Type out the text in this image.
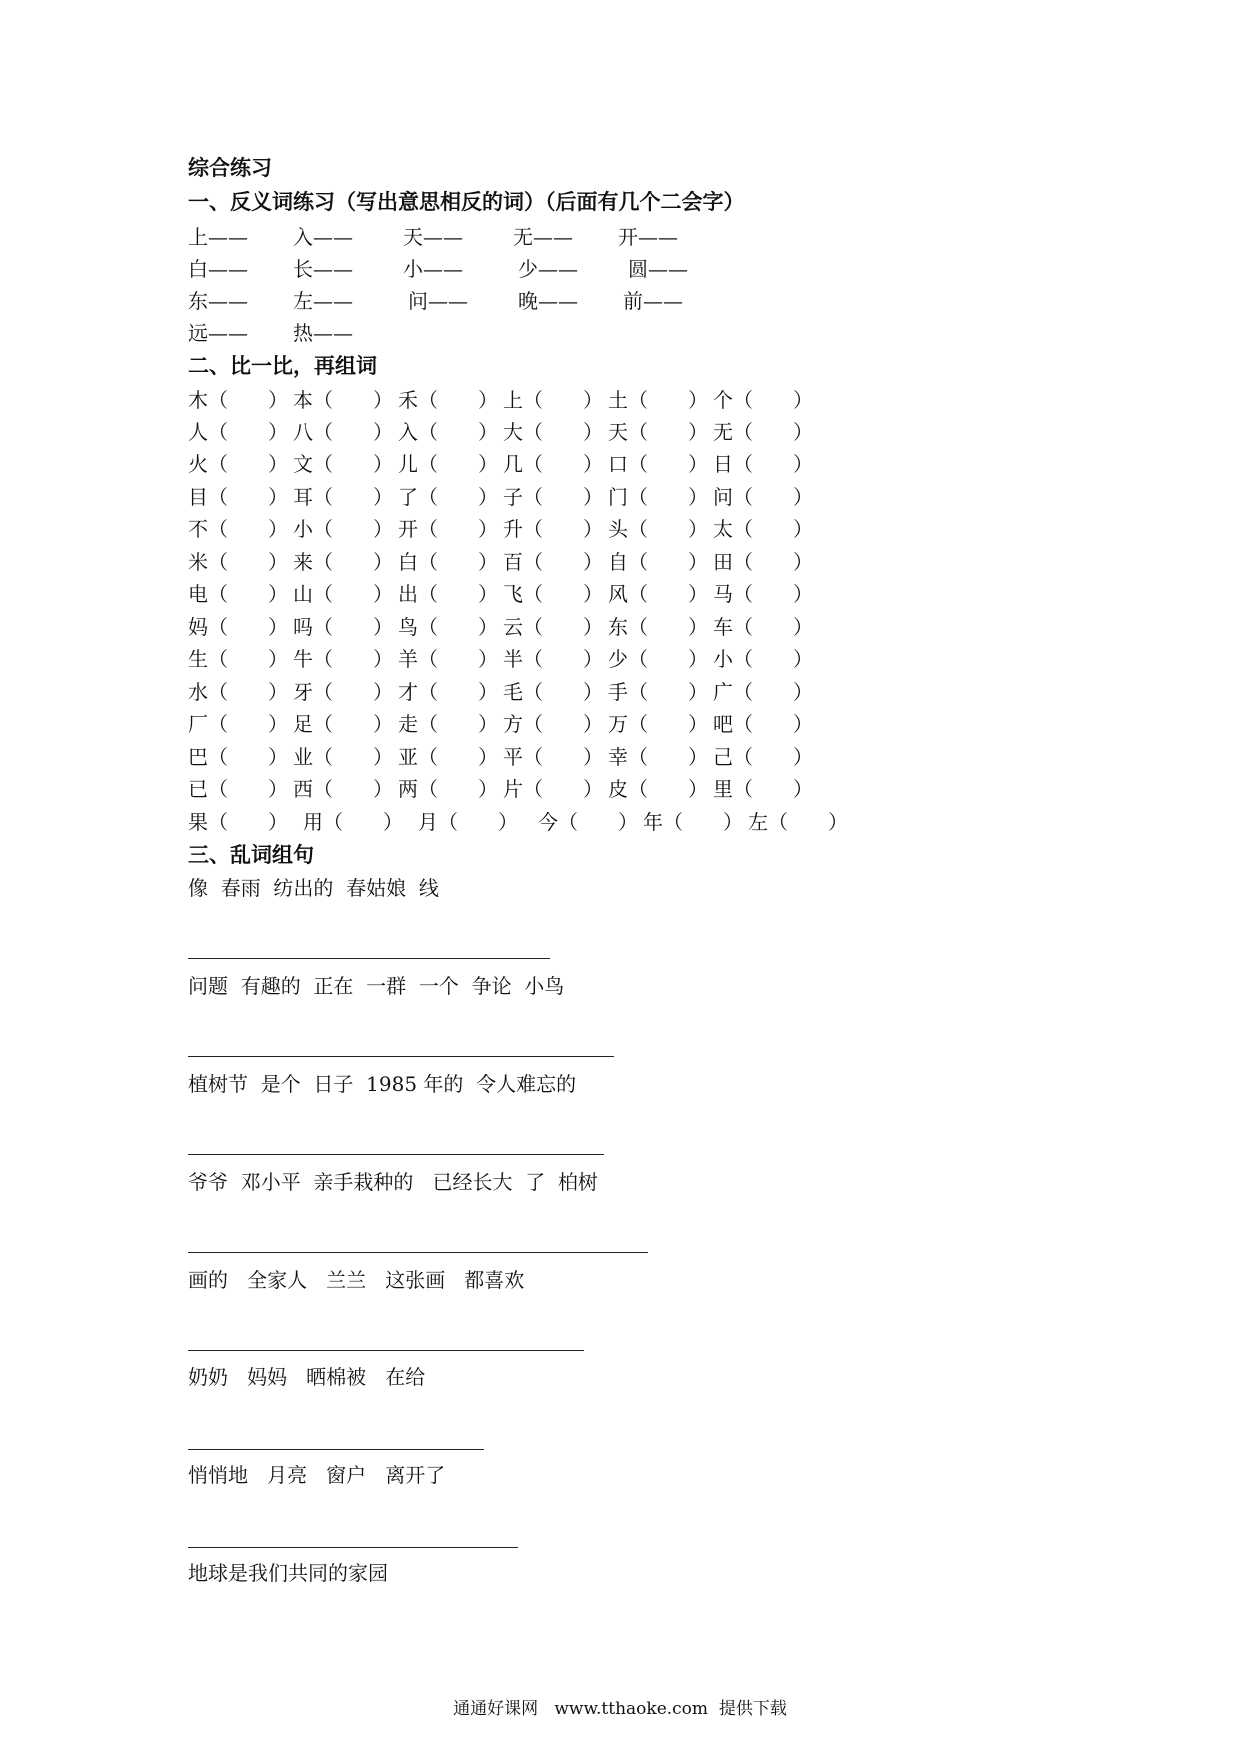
综合练习
一、反义词练习（写出意思相反的词）（后面有几个二会字）
上—— 入——	天——	无—— 开——
白—— 长——	小——	少——	圆——
东—— 左——	问——	晚—— 前——
远—— 热——
二、比一比，再组词
木（　　） 本（　　） 禾（　　） 上（　　） 土（　　） 个（　　）
人（　　） 八（　　） 入（　　） 大（　　） 天（　　） 无（　　）
火（　　） 文（　　） 儿（　　） 几（　　） 口（　　） 日（　　）
目（　　） 耳（　　） 了（　　） 子（　　） 门（　　） 问（　　）
不（　　） 小（　　） 开（　　） 升（　　） 头（　　） 太（　　）
米（　　） 来（　　） 白（　　） 百（　　） 自（　　） 田（　　）
电（　　） 山（　　） 出（　　） 飞（　　） 风（　　） 马（　　）
妈（　　） 吗（　　） 鸟（　　） 云（　　） 东（　　） 车（　　）
生（　　） 牛（　　） 羊（　　） 半（　　） 少（　　） 小（　　）
水（　　） 牙（　　） 才（　　） 毛（　　） 手（　　） 广（　　）
厂（　　） 足（　　） 走（　　） 方（　　） 万（　　） 吧（　　）
巴（　　） 业（　　） 亚（　　） 平（　　） 幸（　　） 己（　　）
已（　　） 西（　　） 两（　　） 片（　　） 皮（　　） 里（　　）
果（　　） 用（　　） 月（　　） 今（　　） 年（　　） 左（　　）
三、乱词组句
像  春雨  纺出的  春姑娘  线
问题  有趣的  正在  一群  一个  争论  小鸟
植树节  是个  日子  1985 年的  令人难忘的
爷爷  邓小平  亲手栽种的   已经长大  了  柏树
画的   全家人   兰兰   这张画   都喜欢
奶奶   妈妈   晒棉被   在给
悄悄地   月亮   窗户   离开了
地球是我们共同的家园
通通好课网   www.tthaoke.com  提供下载
